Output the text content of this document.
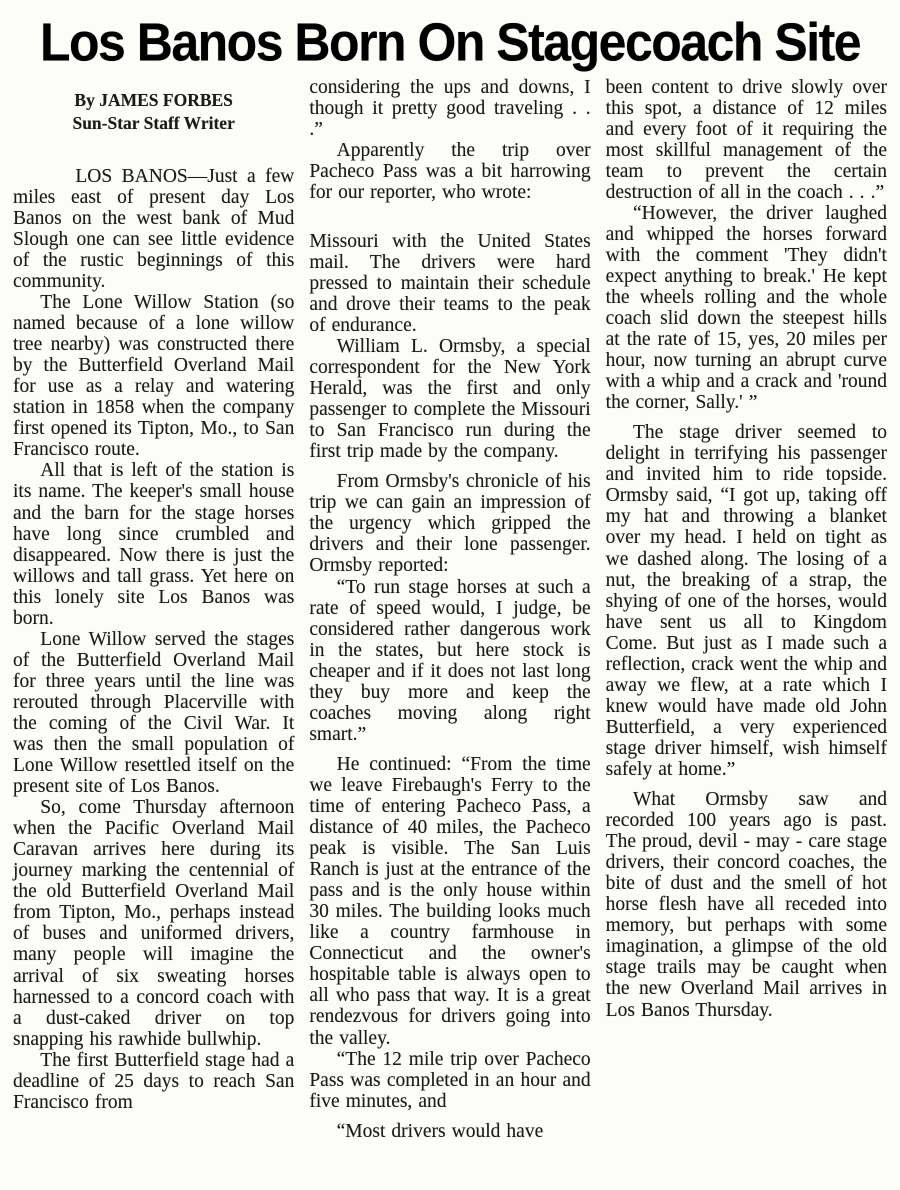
Los Banos Born On Stagecoach Site
By JAMES FORBES
Sun-Star Staff Writer

LOS BANOS—Just a few miles east of present day Los Banos on the west bank of Mud Slough one can see little evidence of the rustic beginnings of this community.

The Lone Willow Station (so named because of a lone willow tree nearby) was constructed there by the Butterfield Overland Mail for use as a relay and watering station in 1858 when the company first opened its Tipton, Mo., to San Francisco route.

All that is left of the station is its name. The keeper's small house and the barn for the stage horses have long since crumbled and disappeared. Now there is just the willows and tall grass. Yet here on this lonely site Los Banos was born.

Lone Willow served the stages of the Butterfield Overland Mail for three years until the line was rerouted through Placerville with the coming of the Civil War. It was then the small population of Lone Willow resettled itself on the present site of Los Banos.

So, come Thursday afternoon when the Pacific Overland Mail Caravan arrives here during its journey marking the centennial of the old Butterfield Overland Mail from Tipton, Mo., perhaps instead of buses and uniformed drivers, many people will imagine the arrival of six sweating horses harnessed to a concord coach with a dust-caked driver on top snapping his rawhide bullwhip.

The first Butterfield stage had a deadline of 25 days to reach San Francisco from

considering the ups and downs, I though it pretty good traveling . . .”

Apparently the trip over Pacheco Pass was a bit harrowing for our reporter, who wrote:

Missouri with the United States mail. The drivers were hard pressed to maintain their schedule and drove their teams to the peak of endurance.

William L. Ormsby, a special correspondent for the New York Herald, was the first and only passenger to complete the Missouri to San Francisco run during the first trip made by the company.

From Ormsby's chronicle of his trip we can gain an impression of the urgency which gripped the drivers and their lone passenger. Ormsby reported:

“To run stage horses at such a rate of speed would, I judge, be considered rather dangerous work in the states, but here stock is cheaper and if it does not last long they buy more and keep the coaches moving along right smart.”

He continued: “From the time we leave Firebaugh's Ferry to the time of entering Pacheco Pass, a distance of 40 miles, the Pacheco peak is visible. The San Luis Ranch is just at the entrance of the pass and is the only house within 30 miles. The building looks much like a country farmhouse in Connecticut and the owner's hospitable table is always open to all who pass that way. It is a great rendezvous for drivers going into the valley.

“The 12 mile trip over Pacheco Pass was completed in an hour and five minutes, and

“Most drivers would have

been content to drive slowly over this spot, a distance of 12 miles and every foot of it requiring the most skillful management of the team to prevent the certain destruction of all in the coach . . .”

“However, the driver laughed and whipped the horses forward with the comment 'They didn't expect anything to break.' He kept the wheels rolling and the whole coach slid down the steepest hills at the rate of 15, yes, 20 miles per hour, now turning an abrupt curve with a whip and a crack and 'round the corner, Sally.' ”

The stage driver seemed to delight in terrifying his passenger and invited him to ride topside. Ormsby said, “I got up, taking off my hat and throwing a blanket over my head. I held on tight as we dashed along. The losing of a nut, the breaking of a strap, the shying of one of the horses, would have sent us all to Kingdom Come. But just as I made such a reflection, crack went the whip and away we flew, at a rate which I knew would have made old John Butterfield, a very experienced stage driver himself, wish himself safely at home.”

What Ormsby saw and recorded 100 years ago is past. The proud, devil - may - care stage drivers, their concord coaches, the bite of dust and the smell of hot horse flesh have all receded into memory, but perhaps with some imagination, a glimpse of the old stage trails may be caught when the new Overland Mail arrives in Los Banos Thursday.
